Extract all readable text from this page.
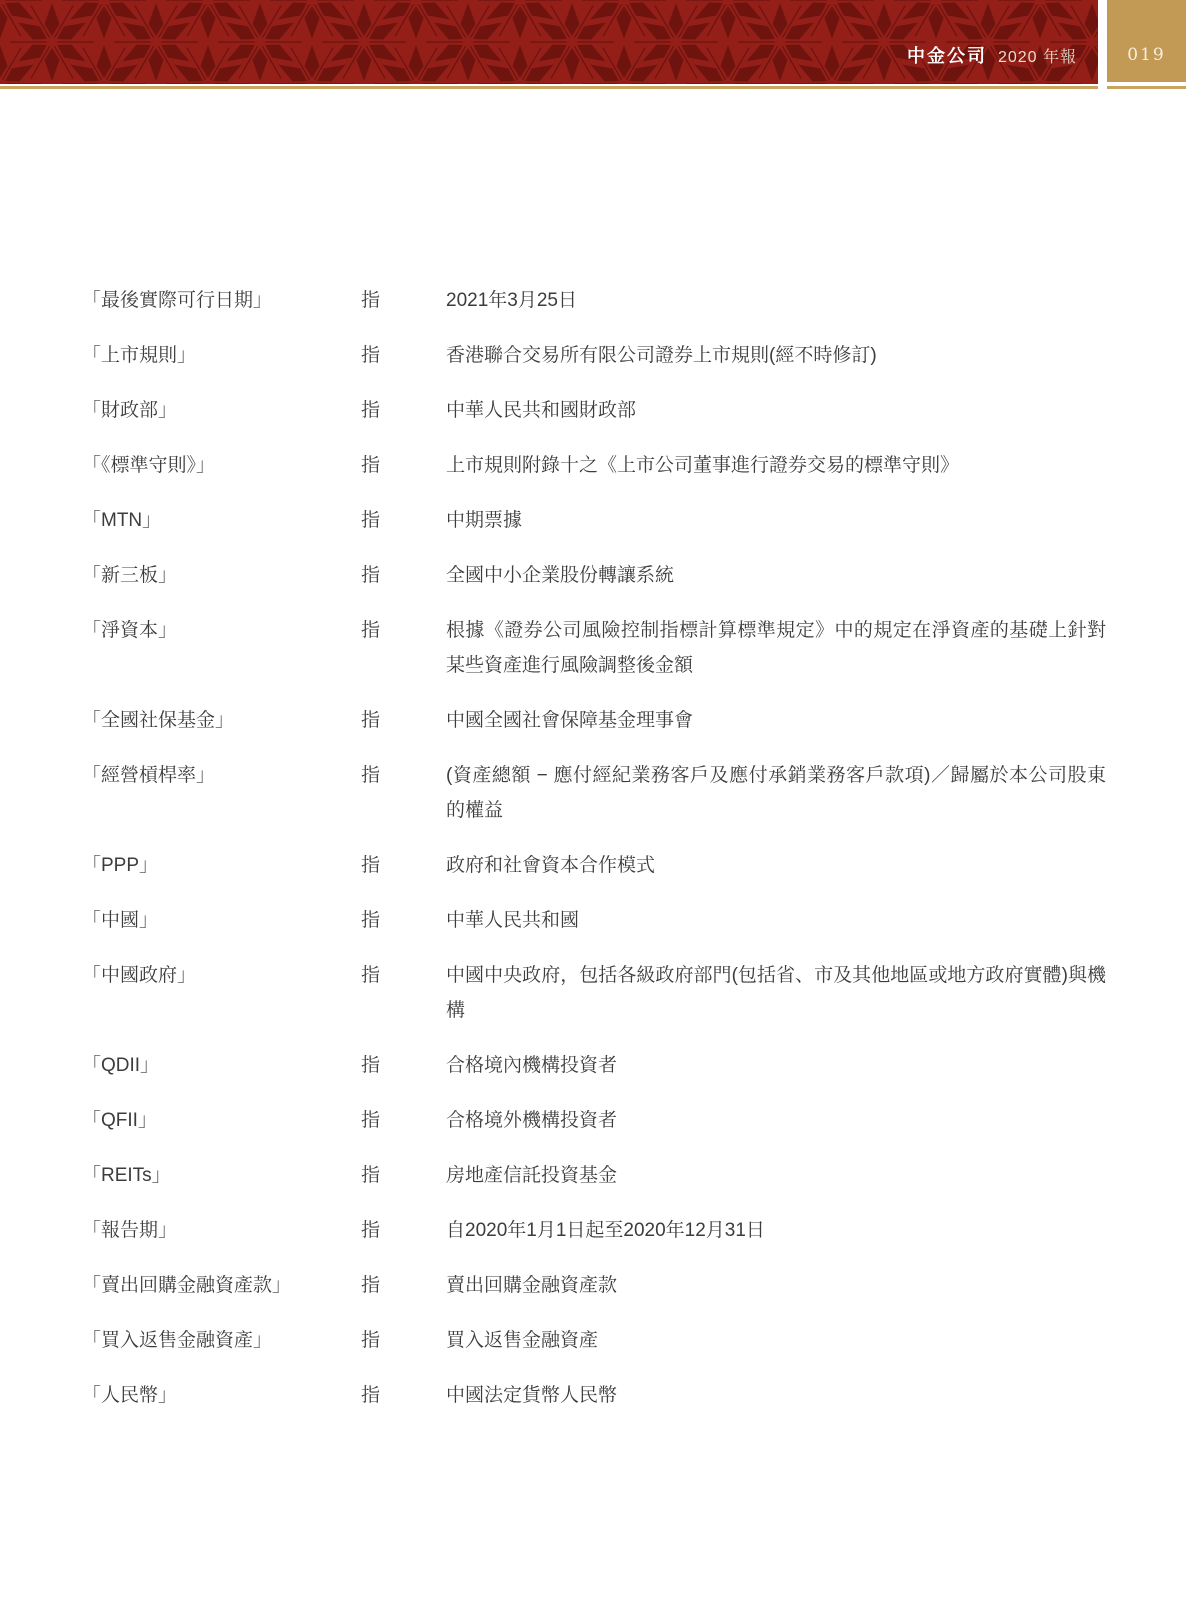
中金公司 2020 年報	019
「最後實際可行日期」	指	2021年3月25日
「上市規則」	指	香港聯合交易所有限公司證券上市規則(經不時修訂)
「財政部」	指	中華人民共和國財政部
「《標準守則》」	指	上市規則附錄十之《上市公司董事進行證券交易的標準守則》
「MTN」	指	中期票據
「新三板」	指	全國中小企業股份轉讓系統
「淨資本」	指	根據《證券公司風險控制指標計算標準規定》中的規定在淨資產的基礎上針對某些資產進行風險調整後金額
「全國社保基金」	指	中國全國社會保障基金理事會
「經營槓桿率」	指	(資產總額 − 應付經紀業務客戶及應付承銷業務客戶款項)／歸屬於本公司股東的權益
「PPP」	指	政府和社會資本合作模式
「中國」	指	中華人民共和國
「中國政府」	指	中國中央政府，包括各級政府部門(包括省、市及其他地區或地方政府實體)與機構
「QDII」	指	合格境內機構投資者
「QFII」	指	合格境外機構投資者
「REITs」	指	房地產信託投資基金
「報告期」	指	自2020年1月1日起至2020年12月31日
「賣出回購金融資產款」	指	賣出回購金融資產款
「買入返售金融資產」	指	買入返售金融資產
「人民幣」	指	中國法定貨幣人民幣
